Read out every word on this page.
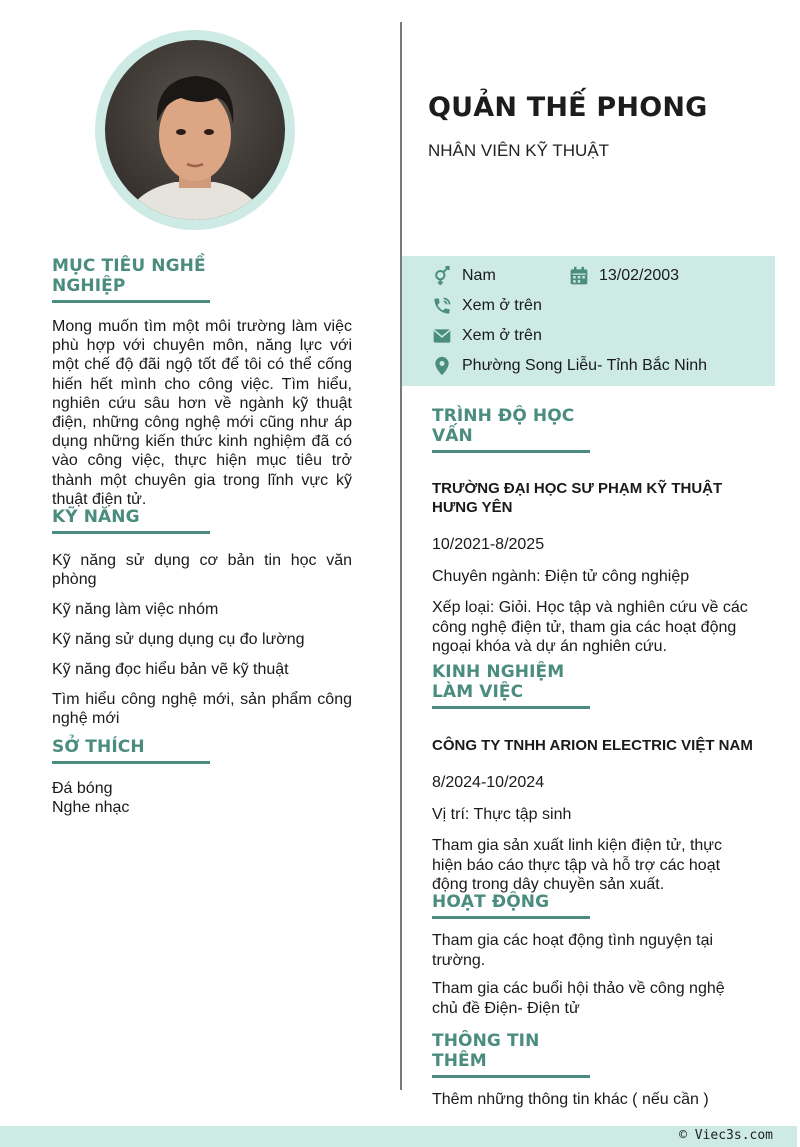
MỤC TIÊU NGHỀ NGHIỆP

Mong muốn tìm một môi trường làm việc phù hợp với chuyên môn, năng lực với một chế độ đãi ngộ tốt để tôi có thể cống hiến hết mình cho công việc. Tìm hiểu, nghiên cứu sâu hơn về ngành kỹ thuật điện, những công nghệ mới cũng như áp dụng những kiến thức kinh nghiệm đã có vào công việc, thực hiện mục tiêu trở thành một chuyên gia trong lĩnh vực kỹ thuật điện tử.

KỸ NĂNG

Kỹ năng sử dụng cơ bản tin học văn phòng

Kỹ năng làm việc nhóm

Kỹ năng sử dụng dụng cụ đo lường

Kỹ năng đọc hiểu bản vẽ kỹ thuật

Tìm hiểu công nghệ mới, sản phẩm công nghệ mới

SỞ THÍCH

Đá bóng

Nghe nhạc

QUẢN THẾ PHONG
NHÂN VIÊN KỸ THUẬT
Nam	13/02/2003
Xem ở trên
Xem ở trên
Phường Song Liễu- Tỉnh Bắc Ninh
TRÌNH ĐỘ HỌC VẤN

TRƯỜNG ĐẠI HỌC SƯ PHẠM KỸ THUẬT HƯNG YÊN

10/2021-8/2025

Chuyên ngành: Điện tử công nghiệp

Xếp loại: Giỏi. Học tập và nghiên cứu về các công nghệ điện tử, tham gia các hoạt động ngoại khóa và dự án nghiên cứu.

KINH NGHIỆM LÀM VIỆC

CÔNG TY TNHH ARION ELECTRIC VIỆT NAM

8/2024-10/2024

Vị trí: Thực tập sinh

Tham gia sản xuất linh kiện điện tử, thực hiện báo cáo thực tập và hỗ trợ các hoạt động trong dây chuyền sản xuất.

HOẠT ĐỘNG

Tham gia các hoạt động tình nguyện tại trường.

Tham gia các buổi hội thảo về công nghệ chủ đề Điện- Điện tử

THÔNG TIN THÊM

Thêm những thông tin khác ( nếu cần )

© Viec3s.com
